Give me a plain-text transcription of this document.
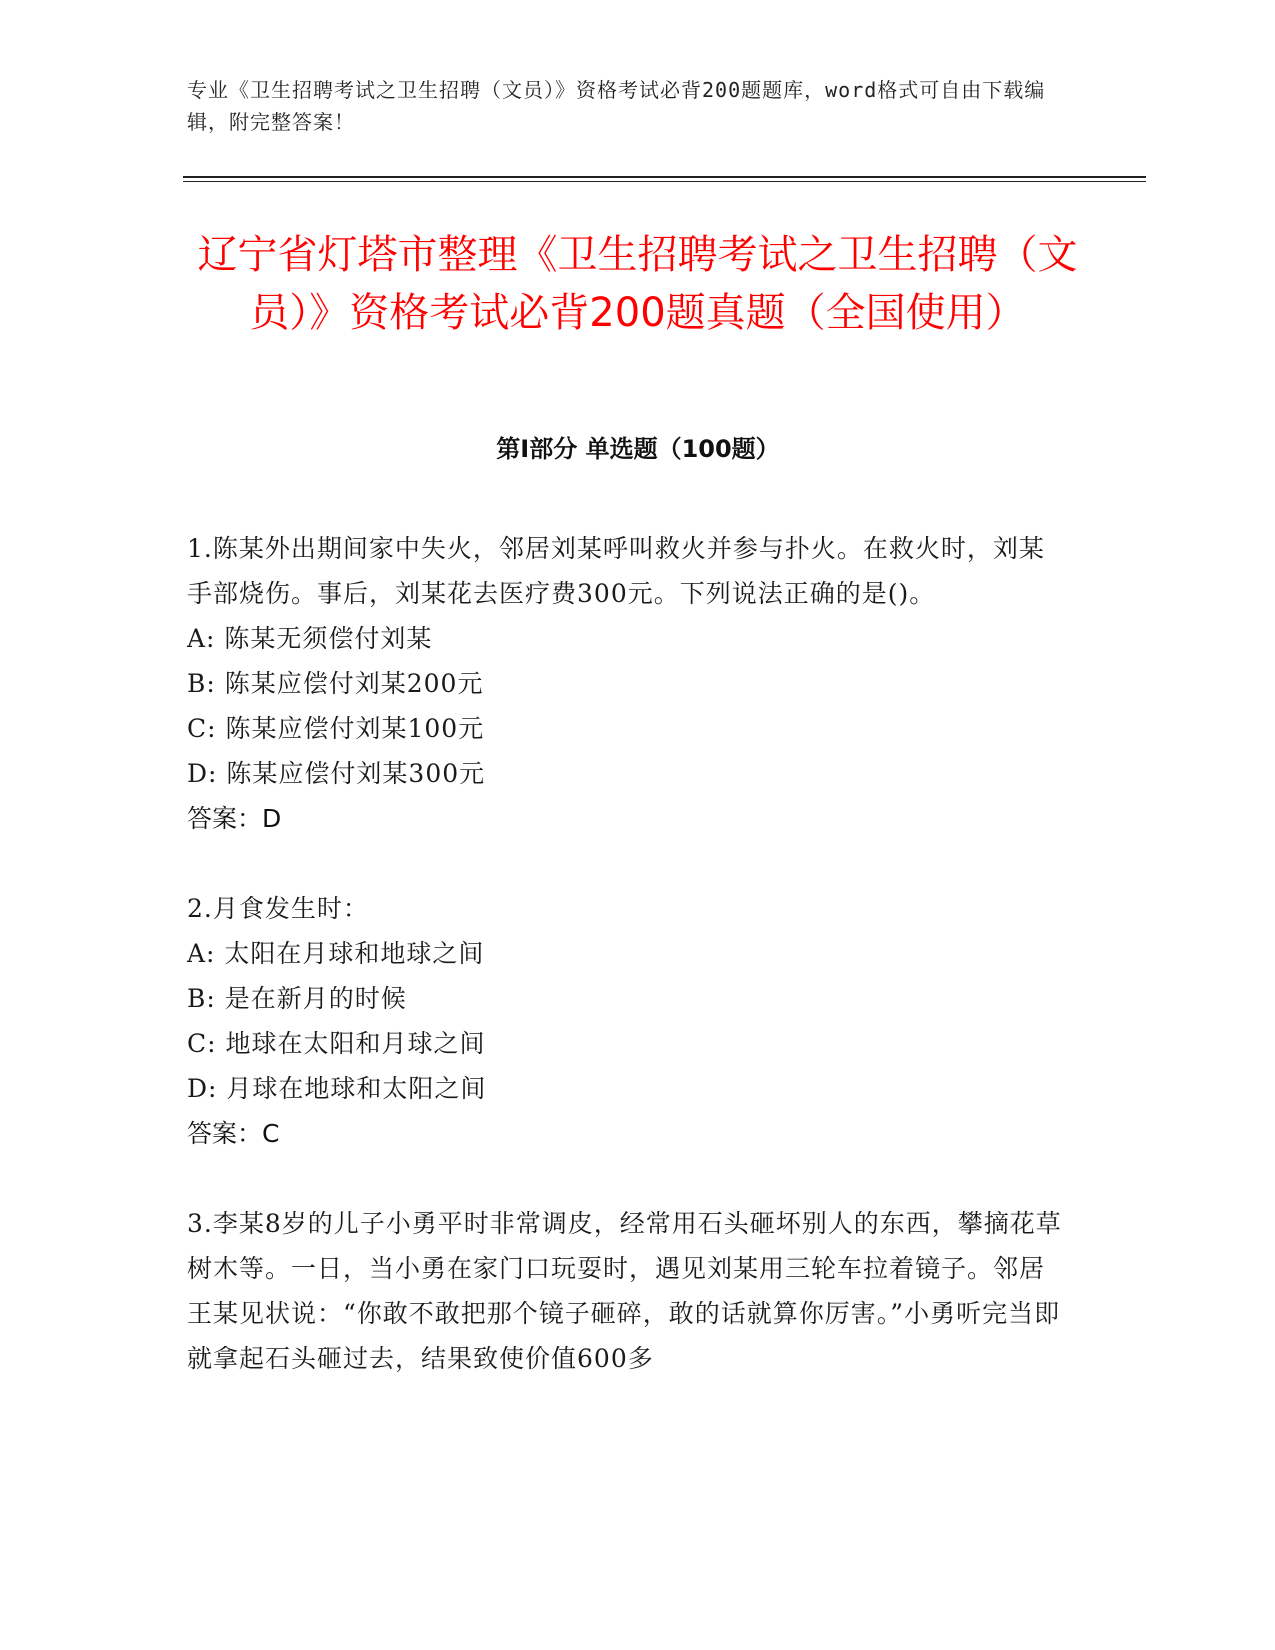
专业《卫生招聘考试之卫生招聘（文员）》资格考试必背200题题库，word格式可自由下载编辑，附完整答案！
辽宁省灯塔市整理《卫生招聘考试之卫生招聘（文员）》资格考试必背200题真题（全国使用）
第Ⅰ部分 单选题（100题）
1.陈某外出期间家中失火，邻居刘某呼叫救火并参与扑火。在救火时，刘某手部烧伤。事后，刘某花去医疗费300元。下列说法正确的是()。
A: 陈某无须偿付刘某
B: 陈某应偿付刘某200元
C: 陈某应偿付刘某100元
D: 陈某应偿付刘某300元
答案：D
2.月食发生时：
A: 太阳在月球和地球之间
B: 是在新月的时候
C: 地球在太阳和月球之间
D: 月球在地球和太阳之间
答案：C
3.李某8岁的儿子小勇平时非常调皮，经常用石头砸坏别人的东西，攀摘花草树木等。一日，当小勇在家门口玩耍时，遇见刘某用三轮车拉着镜子。邻居王某见状说：“你敢不敢把那个镜子砸碎，敢的话就算你厉害。”小勇听完当即就拿起石头砸过去，结果致使价值600多
